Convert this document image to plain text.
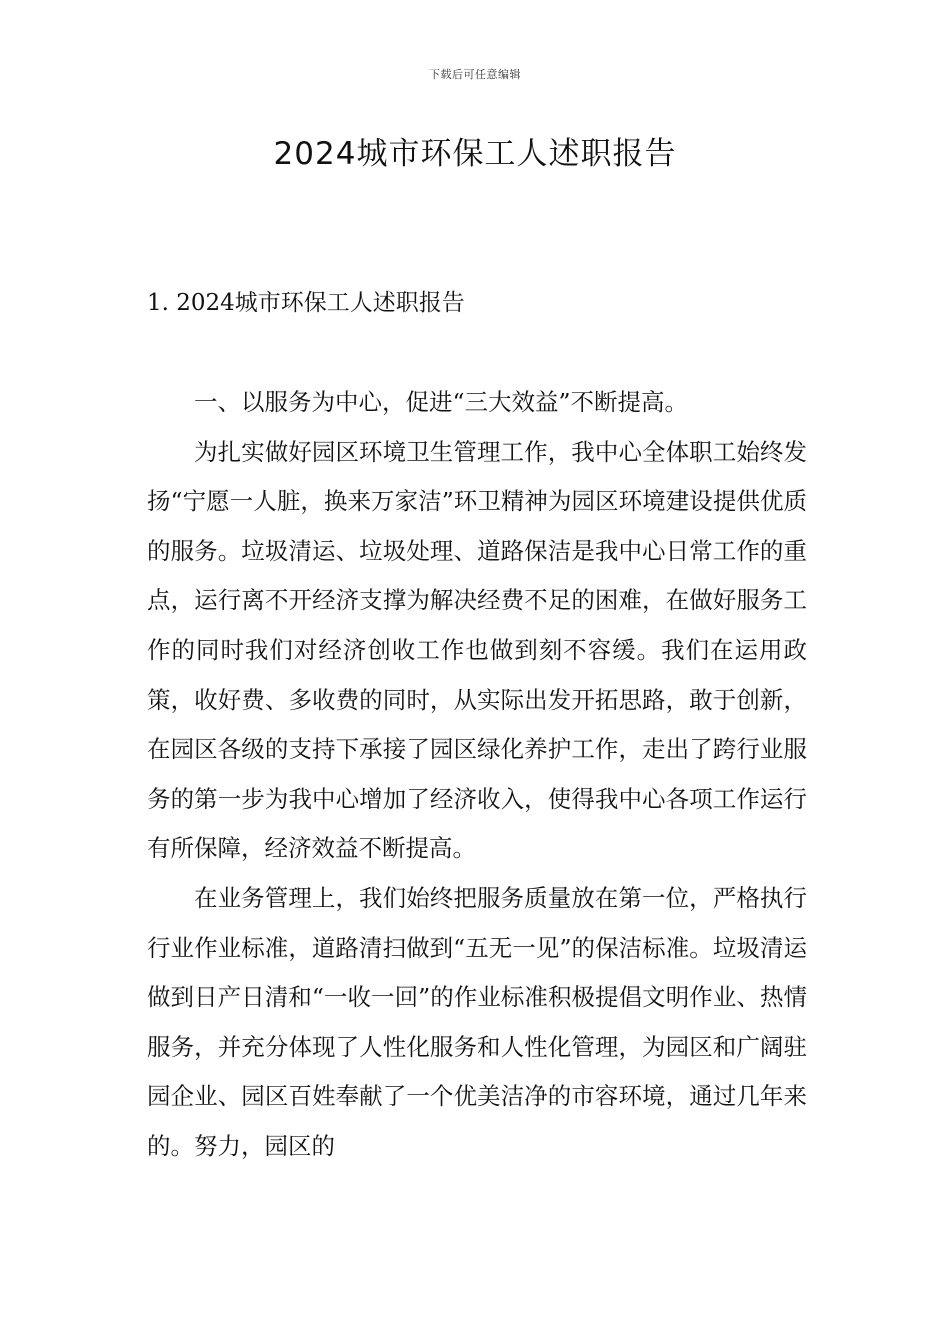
下载后可任意编辑
2024城市环保工人述职报告
1. 2024城市环保工人述职报告

一、以服务为中心，促进“三大效益”不断提高。

为扎实做好园区环境卫生管理工作，我中心全体职工始终发扬“宁愿一人脏，换来万家洁”环卫精神为园区环境建设提供优质的服务。垃圾清运、垃圾处理、道路保洁是我中心日常工作的重点，运行离不开经济支撑为解决经费不足的困难，在做好服务工作的同时我们对经济创收工作也做到刻不容缓。我们在运用政策，收好费、多收费的同时，从实际出发开拓思路，敢于创新，在园区各级的支持下承接了园区绿化养护工作，走出了跨行业服务的第一步为我中心增加了经济收入，使得我中心各项工作运行有所保障，经济效益不断提高。

在业务管理上，我们始终把服务质量放在第一位，严格执行行业作业标准，道路清扫做到“五无一见”的保洁标准。垃圾清运做到日产日清和“一收一回”的作业标准积极提倡文明作业、热情服务，并充分体现了人性化服务和人性化管理，为园区和广阔驻园企业、园区百姓奉献了一个优美洁净的市容环境，通过几年来的。努力，园区的
